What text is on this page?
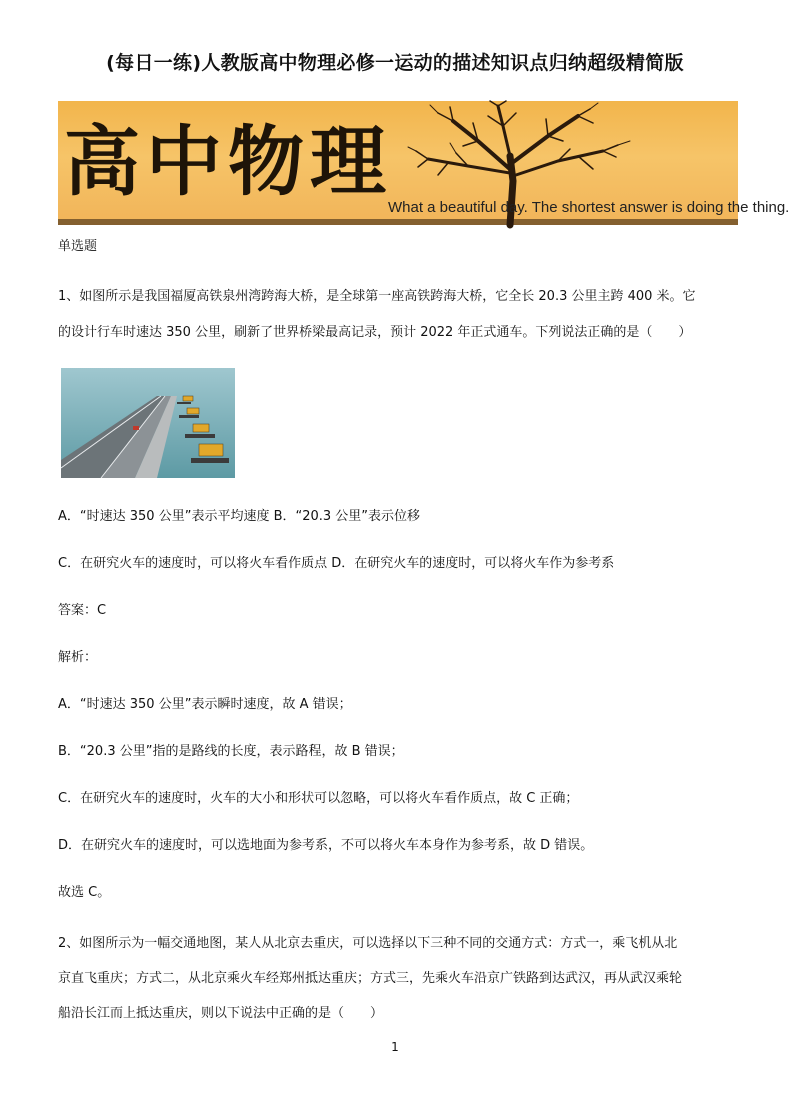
(每日一练)人教版高中物理必修一运动的描述知识点归纳超级精简版
高中物理
What a beautiful day. The shortest answer is doing the thing.
单选题
1、如图所示是我国福厦高铁泉州湾跨海大桥，是全球第一座高铁跨海大桥，它全长 20.3 公里主跨 400 米。它
的设计行车时速达 350 公里，刷新了世界桥梁最高记录，预计 2022 年正式通车。下列说法正确的是（　　）
A．“时速达 350 公里”表示平均速度 B．“20.3 公里”表示位移
C．在研究火车的速度时，可以将火车看作质点 D．在研究火车的速度时，可以将火车作为参考系
答案：C
解析：
A．“时速达 350 公里”表示瞬时速度，故 A 错误；
B．“20.3 公里”指的是路线的长度，表示路程，故 B 错误；
C．在研究火车的速度时，火车的大小和形状可以忽略，可以将火车看作质点，故 C 正确；
D．在研究火车的速度时，可以选地面为参考系，不可以将火车本身作为参考系，故 D 错误。
故选 C。
2、如图所示为一幅交通地图，某人从北京去重庆，可以选择以下三种不同的交通方式：方式一，乘飞机从北
京直飞重庆；方式二，从北京乘火车经郑州抵达重庆；方式三，先乘火车沿京广铁路到达武汉，再从武汉乘轮
船沿长江而上抵达重庆，则以下说法中正确的是（　　）
1
